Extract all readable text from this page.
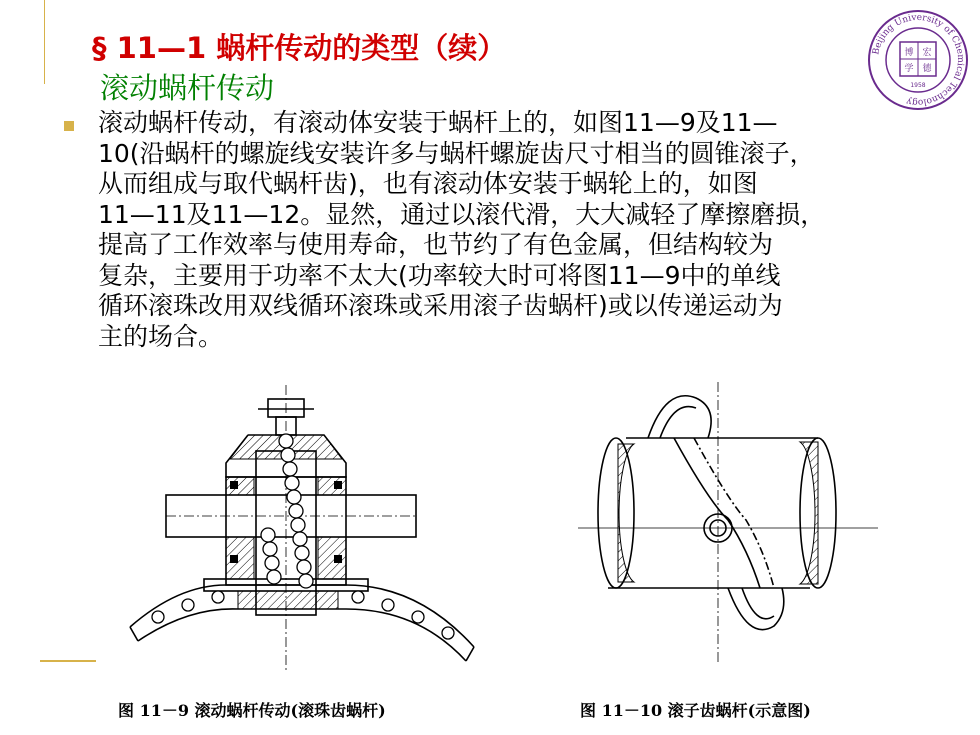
§ 11—1 蜗杆传动的类型（续）
滚动蜗杆传动
Beijing University of Chemical Technology
博 宏
学 德
1958
滚动蜗杆传动，有滚动体安装于蜗杆上的，如图11—9及11—
10(沿蜗杆的螺旋线安装许多与蜗杆螺旋齿尺寸相当的圆锥滚子，
从而组成与取代蜗杆齿)，也有滚动体安装于蜗轮上的，如图
11—11及11—12。显然，通过以滚代滑，大大减轻了摩擦磨损，
提高了工作效率与使用寿命，也节约了有色金属，但结构较为
复杂，主要用于功率不太大(功率较大时可将图11—9中的单线
循环滚珠改用双线循环滚珠或采用滚子齿蜗杆)或以传递运动为
主的场合。
图 11－9 滚动蜗杆传动(滚珠齿蜗杆)	图 11－10 滚子齿蜗杆(示意图)
